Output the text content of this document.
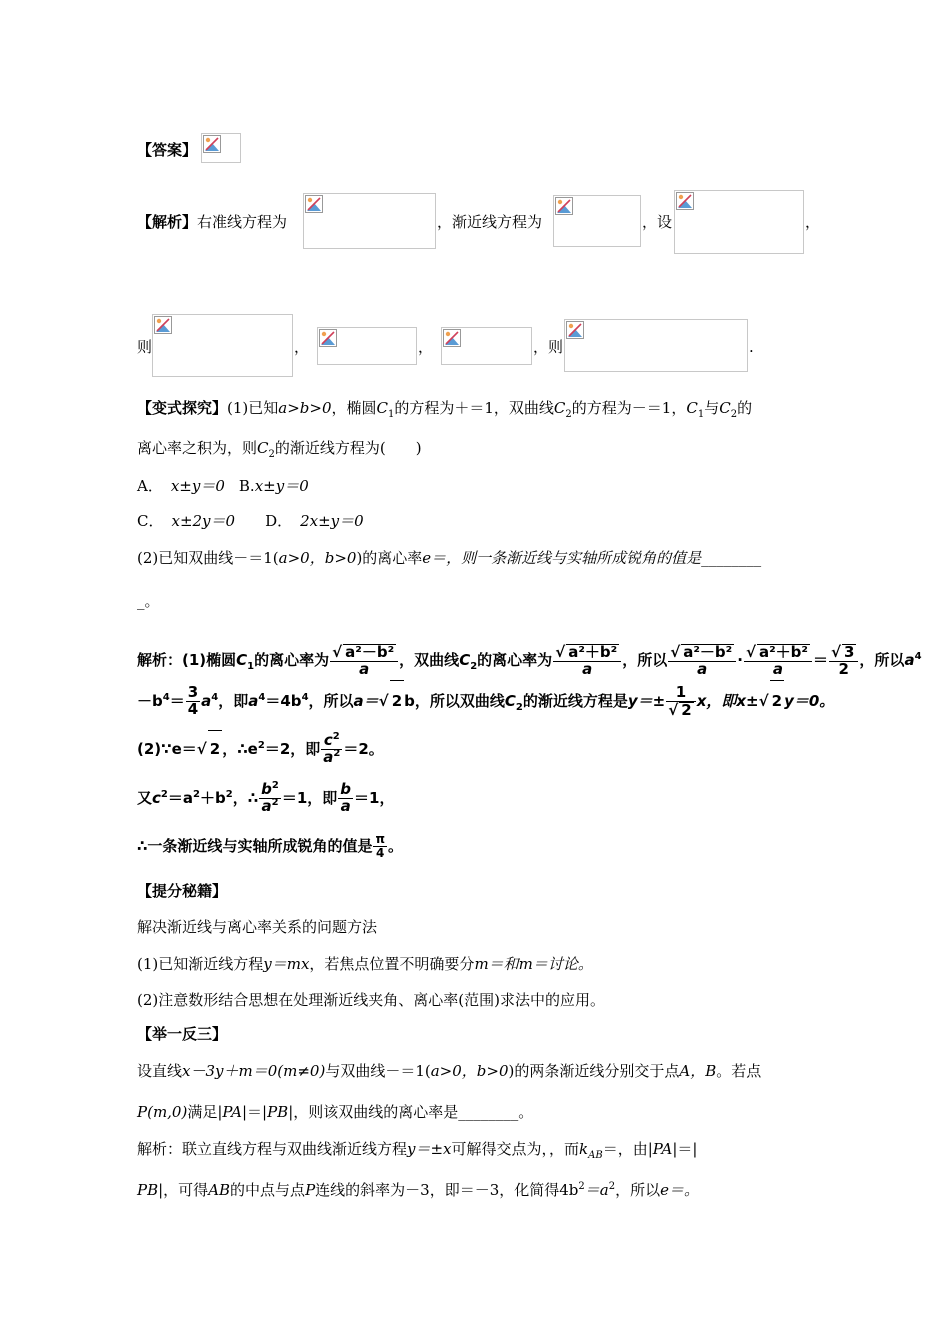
【答案】
【解析】右准线方程为	，渐近线方程为	，设	，
则	，	，	，则	.
【变式探究】(1)已知a>b>0，椭圆$C_1$的方程为＋＝1，双曲线$C_2$的方程为－＝1，$C_1$与$C_2$的
离心率之积为，则$C_2$的渐近线方程为(　　)
A． x±y＝0 B.x±y＝0
C． x±2y＝0 D． 2x±y＝0
(2)已知双曲线－＝1(a>0，b>0)的离心率e＝，则一条渐近线与实轴所成锐角的值是________
_。
解析：(1)椭圆$C_1$的离心率为 $\frac{\text{√ a²－b²}}{a}$ ，双曲线$C_2$的离心率为 $\frac{\text{√ a²＋b²}}{a}$ ，所以 $\frac{\text{√ a²－b²}}{a} \cdot \frac{\text{√ a²＋b²}}{a} = \frac{√ 3}{2}$ ，所以$a^4$
$-b^4= \frac{3}{4} a^4$，即$a^4=4b^4$，所以a＝√ 2 b，所以双曲线$C_2$的渐近线方程是$y=\pm \frac{1}{√ 2}$ x，即x±√ 2 y＝0。
(2)∵e＝√ 2 ，$\therefore e^2=2$，即 $\frac{c^2}{a^2} =2$。
又$c^2=a^2+b^2$，∴ $\frac{b^2}{a^2} =1$，即 $\frac{b}{a} =1$，
∴一条渐近线与实轴所成锐角的值是 $\frac{\pi}{4}$ 。
【提分秘籍】
解决渐近线与离心率关系的问题方法
(1)已知渐近线方程y＝mx，若焦点位置不明确要分m＝和m＝讨论。
(2)注意数形结合思想在处理渐近线夹角、离心率(范围)求法中的应用。
【举一反三】
设直线x－3y＋m＝0(m≠0)与双曲线－＝1(a>0，b>0)的两条渐近线分别交于点A，B。若点
P(m,0)满足|PA|＝|PB|，则该双曲线的离心率是________。
解析：联立直线方程与双曲线渐近线方程y＝±x可解得交点为，，而$k_{AB}=$，由|PA|＝|
PB|，可得AB的中点与点P连线的斜率为－3，即＝－3，化简得$4b^2=a^2$，所以e＝。
